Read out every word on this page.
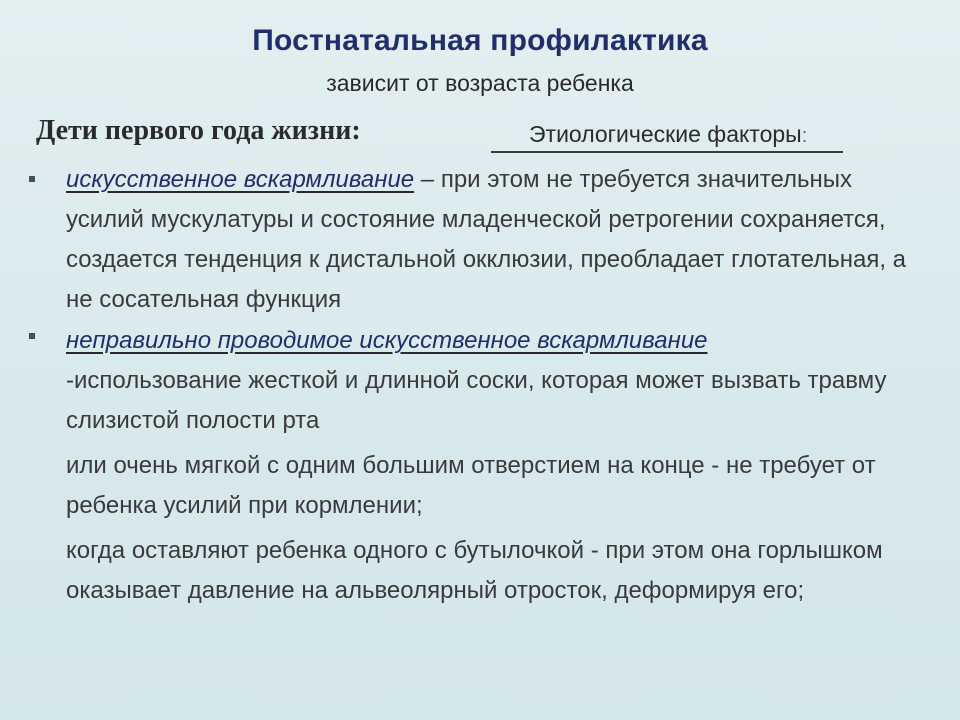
Постнатальная профилактика
зависит от возраста ребенка
Дети первого года жизни:	Этиологические факторы:
искусственное вскармливание – при этом не требуется значительных усилий мускулатуры и состояние младенческой ретрогении сохраняется, создается тенденция к дистальной окклюзии, преобладает глотательная, а не сосательная функция
неправильно проводимое искусственное вскармливание
-использование жесткой и длинной соски, которая может вызвать травму слизистой полости рта
или очень мягкой с одним большим отверстием на конце - не требует от ребенка усилий при кормлении;
когда оставляют ребенка одного с бутылочкой - при этом она горлышком оказывает давление на альвеолярный отросток, деформируя его;
